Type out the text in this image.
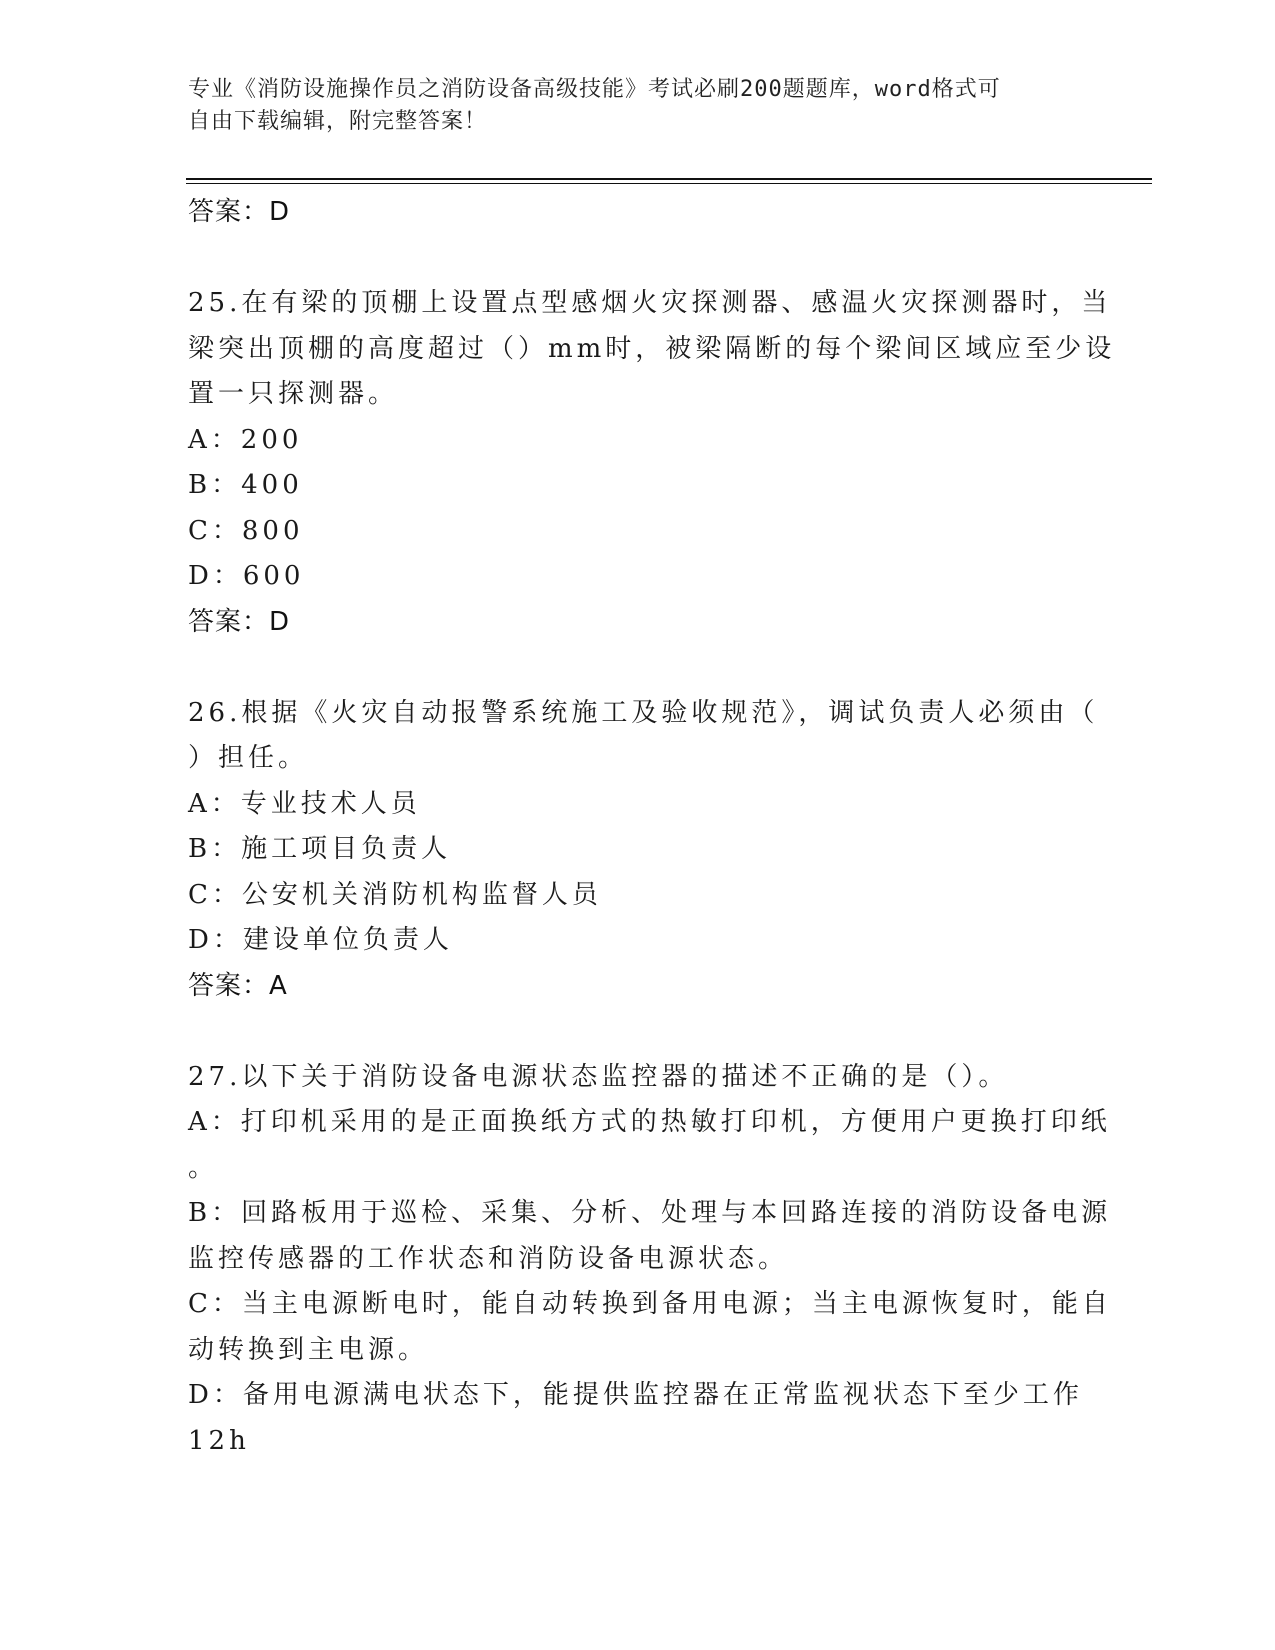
专业《消防设施操作员之消防设备高级技能》考试必刷200题题库，word格式可
自由下载编辑，附完整答案！
答案：D
25.在有梁的顶棚上设置点型感烟火灾探测器、感温火灾探测器时，当
梁突出顶棚的高度超过（）mm时，被梁隔断的每个梁间区域应至少设
置一只探测器。
A：200
B：400
C：800
D：600
答案：D
26.根据《火灾自动报警系统施工及验收规范》，调试负责人必须由（
）担任。
A：专业技术人员
B：施工项目负责人
C：公安机关消防机构监督人员
D：建设单位负责人
答案：A
27.以下关于消防设备电源状态监控器的描述不正确的是（）。
A：打印机采用的是正面换纸方式的热敏打印机，方便用户更换打印纸
。
B：回路板用于巡检、采集、分析、处理与本回路连接的消防设备电源
监控传感器的工作状态和消防设备电源状态。
C：当主电源断电时，能自动转换到备用电源；当主电源恢复时，能自
动转换到主电源。
D：备用电源满电状态下，能提供监控器在正常监视状态下至少工作
12h
